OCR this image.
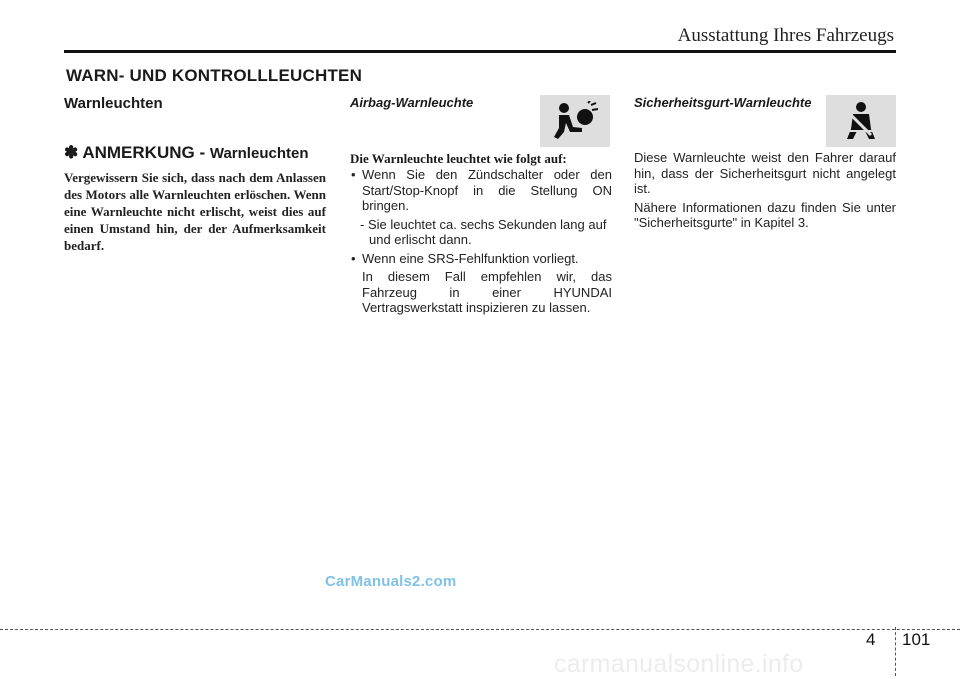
Ausstattung Ihres Fahrzeugs
WARN- UND KONTROLLLEUCHTEN
Warnleuchten
✽ ANMERKUNG - Warnleuchten
Vergewissern Sie sich, dass nach dem Anlassen des Motors alle Warnleuchten erlöschen. Wenn eine Warnleuchte nicht erlischt, weist dies auf einen Umstand hin, der der Aufmerksamkeit bedarf.
Airbag-Warnleuchte
Die Warnleuchte leuchtet wie folgt auf:
• Wenn Sie den Zündschalter oder den Start/Stop-Knopf in die Stellung ON bringen.
- Sie leuchtet ca. sechs Sekunden lang auf und erlischt dann.
• Wenn eine SRS-Fehlfunktion vorliegt.
In diesem Fall empfehlen wir, das Fahrzeug in einer HYUNDAI Vertragswerkstatt inspizieren zu lassen.
Sicherheitsgurt-Warnleuchte

Diese Warnleuchte weist den Fahrer darauf hin, dass der Sicherheitsgurt nicht angelegt ist.

Nähere Informationen dazu finden Sie unter "Sicherheitsgurte" in Kapitel 3.

CarManuals2.com
4 101
carmanualsonline.info
